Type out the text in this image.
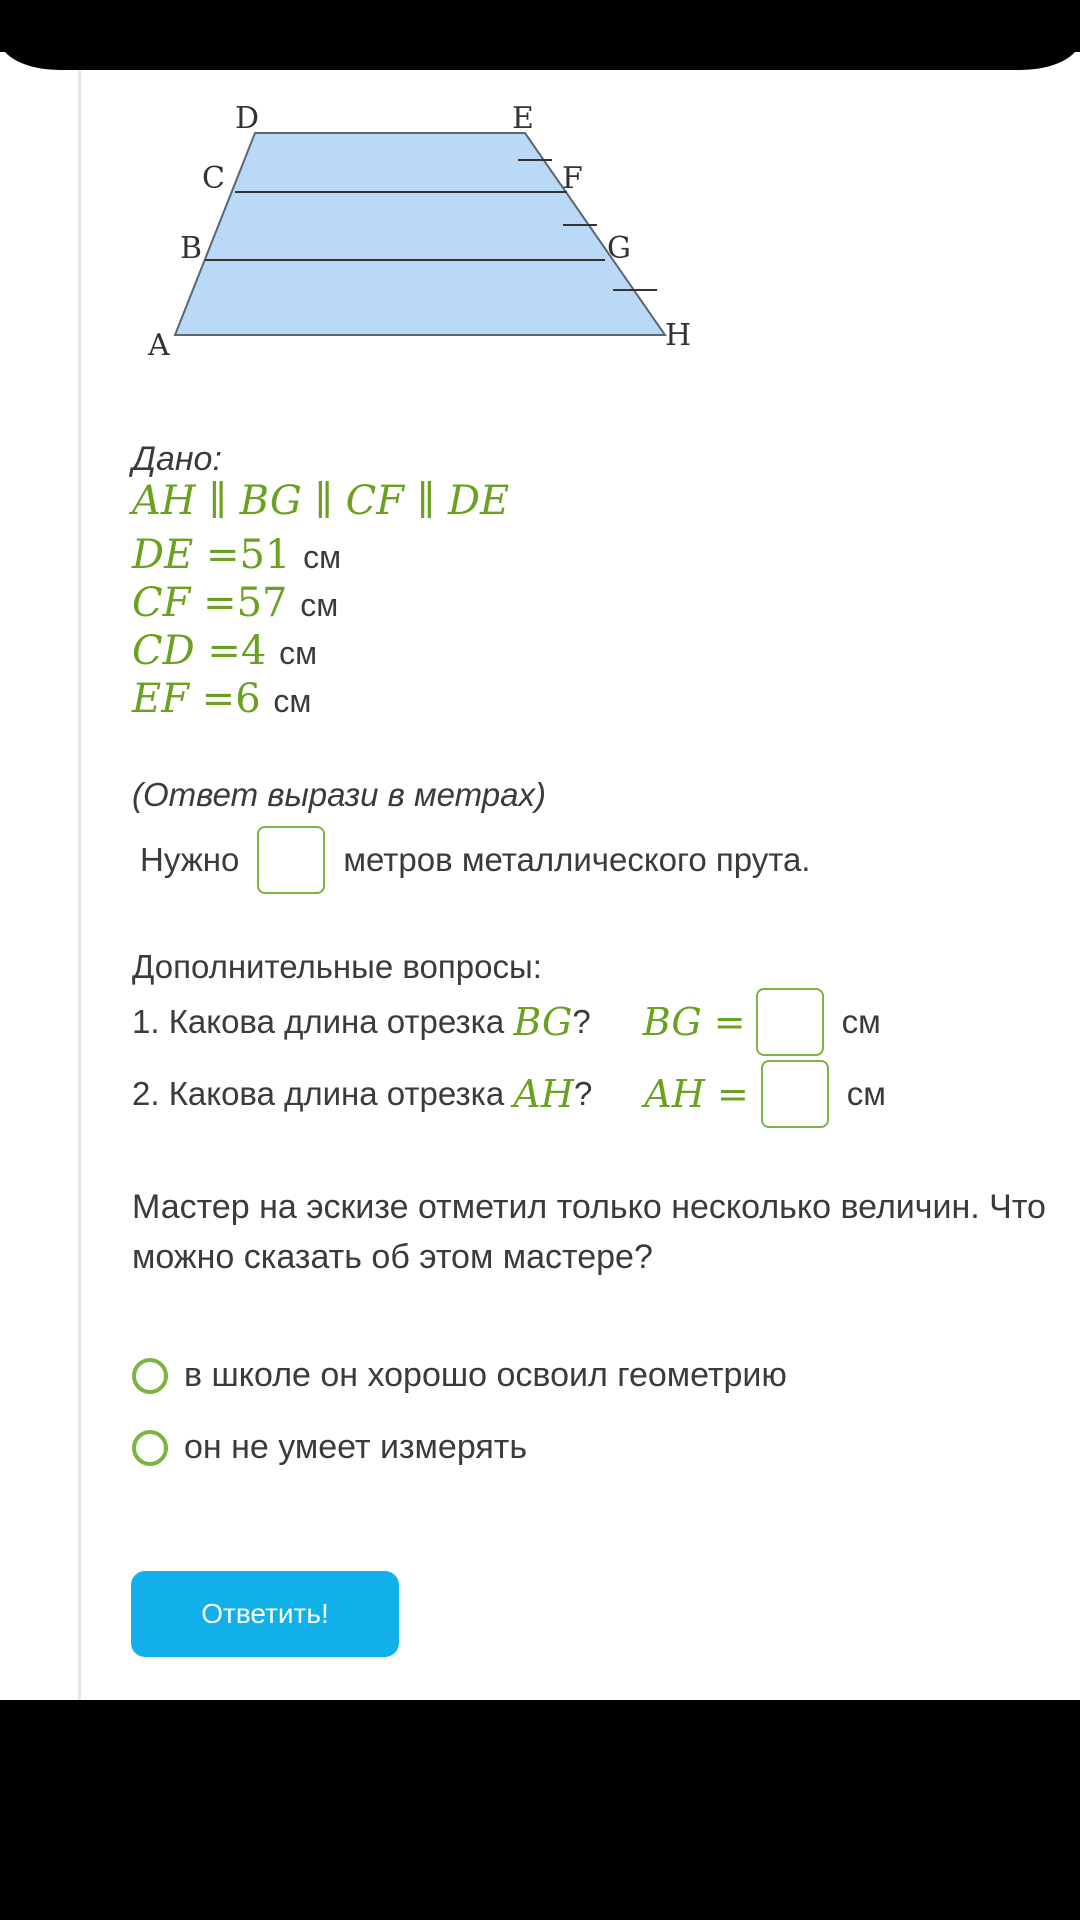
D	E
C	F
B	G
A	H
Дано:
AH ∥ BG ∥ CF ∥ DE
DE =51 см
CF =57 см
CD =4 см
EF =6 см
(Ответ вырази в метрах)
Нужно	метров металлического прута.
Дополнительные вопросы:
1. Какова длина отрезка
BG ? BG =	см
2. Какова длина отрезка
AH ? AH =	см
Мастер на эскизе отметил только несколько величин. Что можно сказать об этом мастере?
в школе он хорошо освоил геометрию
он не умеет измерять
Ответить!
